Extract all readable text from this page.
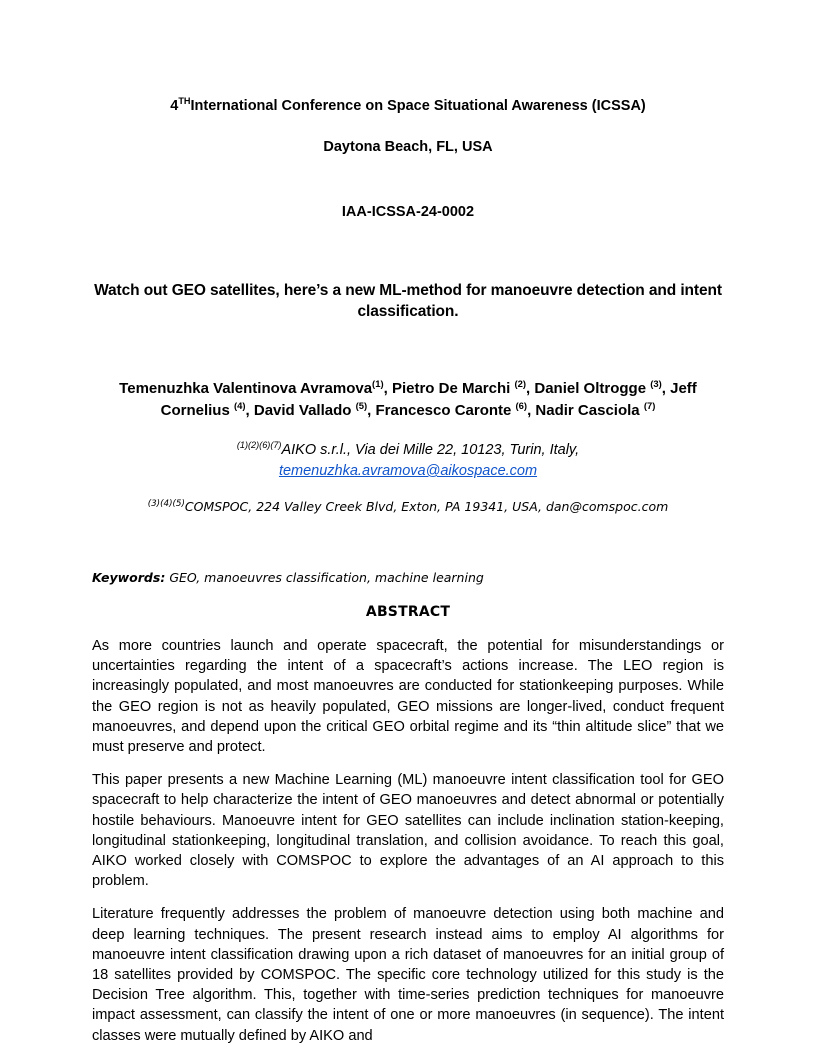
4THInternational Conference on Space Situational Awareness (ICSSA)

Daytona Beach, FL, USA

IAA-ICSSA-24-0002

Watch out GEO satellites, here’s a new ML-method for manoeuvre detection and intent classification.

Temenuzhka Valentinova Avramova$^{(1)}$, Pietro De Marchi $^{(2)}$, Daniel Oltrogge $^{(3)}$, Jeff Cornelius $^{(4)}$, David Vallado $^{(5)}$, Francesco Caronte $^{(6)}$, Nadir Casciola $^{(7)}$

$^{(1)(2)(6)(7)}$AIKO s.r.l., Via dei Mille 22, 10123, Turin, Italy,
temenuzhka.avramova@aikospace.com

$^{(3)(4)(5)}$COMSPOC, 224 Valley Creek Blvd, Exton, PA 19341, USA, dan@comspoc.com

Keywords: GEO, manoeuvres classification, machine learning

ABSTRACT

As more countries launch and operate spacecraft, the potential for misunderstandings or uncertainties regarding the intent of a spacecraft’s actions increase. The LEO region is increasingly populated, and most manoeuvres are conducted for stationkeeping purposes. While the GEO region is not as heavily populated, GEO missions are longer-lived, conduct frequent manoeuvres, and depend upon the critical GEO orbital regime and its “thin altitude slice” that we must preserve and protect.

This paper presents a new Machine Learning (ML) manoeuvre intent classification tool for GEO spacecraft to help characterize the intent of GEO manoeuvres and detect abnormal or potentially hostile behaviours. Manoeuvre intent for GEO satellites can include inclination station-keeping, longitudinal stationkeeping, longitudinal translation, and collision avoidance. To reach this goal, AIKO worked closely with COMSPOC to explore the advantages of an AI approach to this problem.

Literature frequently addresses the problem of manoeuvre detection using both machine and deep learning techniques. The present research instead aims to employ AI algorithms for manoeuvre intent classification drawing upon a rich dataset of manoeuvres for an initial group of 18 satellites provided by COMSPOC. The specific core technology utilized for this study is the Decision Tree algorithm. This, together with time-series prediction techniques for manoeuvre impact assessment, can classify the intent of one or more manoeuvres (in sequence). The intent classes were mutually defined by AIKO and
